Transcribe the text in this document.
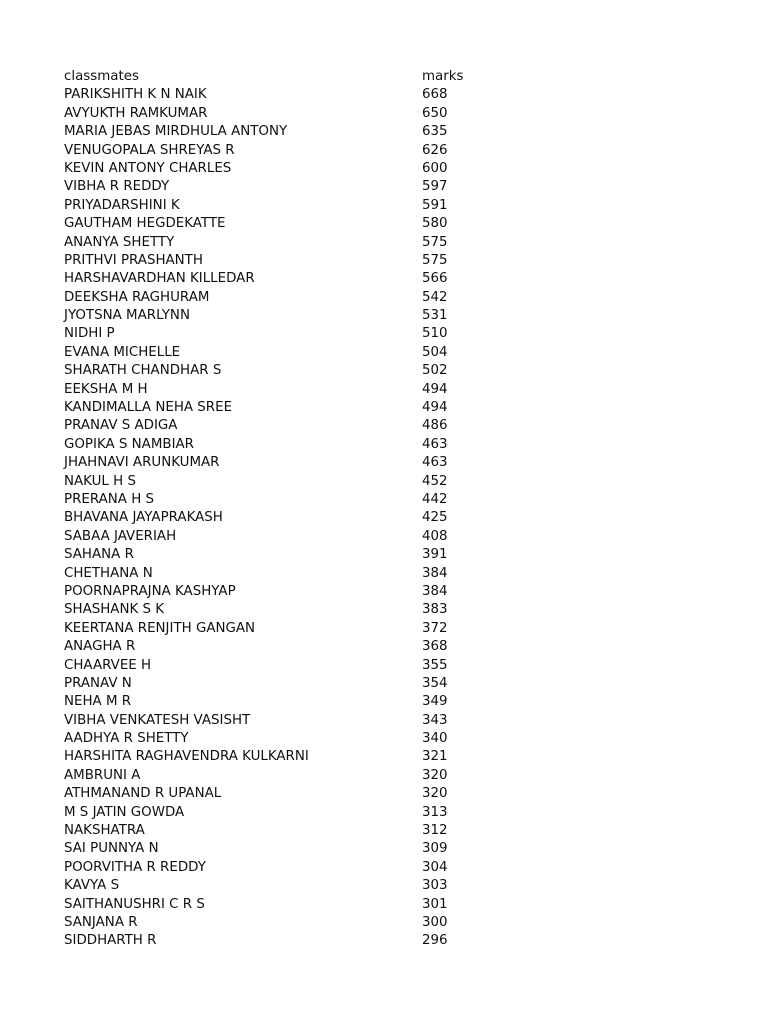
classmates	marks
PARIKSHITH K N NAIK	668
AVYUKTH RAMKUMAR	650
MARIA JEBAS MIRDHULA ANTONY	635
VENUGOPALA SHREYAS R	626
KEVIN ANTONY CHARLES	600
VIBHA R REDDY	597
PRIYADARSHINI K	591
GAUTHAM HEGDEKATTE	580
ANANYA SHETTY	575
PRITHVI PRASHANTH	575
HARSHAVARDHAN KILLEDAR	566
DEEKSHA RAGHURAM	542
JYOTSNA MARLYNN	531
NIDHI P	510
EVANA MICHELLE	504
SHARATH CHANDHAR S	502
EEKSHA M H	494
KANDIMALLA NEHA SREE	494
PRANAV S ADIGA	486
GOPIKA S NAMBIAR	463
JHAHNAVI ARUNKUMAR	463
NAKUL H S	452
PRERANA H S	442
BHAVANA JAYAPRAKASH	425
SABAA JAVERIAH	408
SAHANA R	391
CHETHANA N	384
POORNAPRAJNA KASHYAP	384
SHASHANK S K	383
KEERTANA RENJITH GANGAN	372
ANAGHA R	368
CHAARVEE H	355
PRANAV N	354
NEHA M R	349
VIBHA VENKATESH VASISHT	343
AADHYA R SHETTY	340
HARSHITA RAGHAVENDRA KULKARNI	321
AMBRUNI A	320
ATHMANAND R UPANAL	320
M S JATIN GOWDA	313
NAKSHATRA	312
SAI PUNNYA N	309
POORVITHA R REDDY	304
KAVYA S	303
SAITHANUSHRI C R S	301
SANJANA R	300
SIDDHARTH R	296
